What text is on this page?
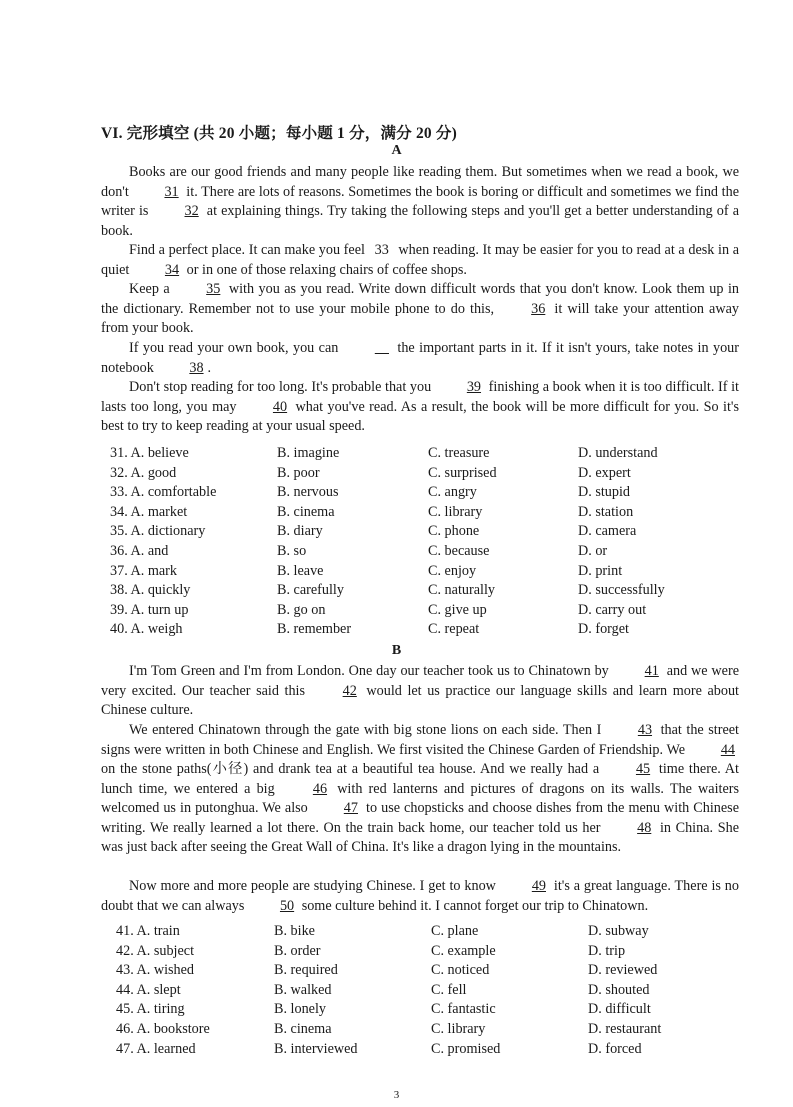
VI. 完形填空 (共 20 小题；每小题 1 分，满分 20 分)
A
Books are our good friends and many people like reading them. But sometimes when we read a book, we don't 31 it. There are lots of reasons. Sometimes the book is boring or difficult and sometimes we find the writer is 32 at explaining things. Try taking the following steps and you'll get a better understanding of a book.
Find a perfect place. It can make you feel 33 when reading. It may be easier for you to read at a desk in a quiet 34 or in one of those relaxing chairs of coffee shops.
Keep a 35 with you as you read. Write down difficult words that you don't know. Look them up in the dictionary. Remember not to use your mobile phone to do this, 36 it will take your attention away from your book.
If you read your own book, you can	the important parts in it. If it isn't yours, take notes in your notebook 38 .
Don't stop reading for too long. It's probable that you 39 finishing a book when it is too difficult. If it lasts too long, you may 40 what you've read. As a result, the book will be more difficult for you. So it's best to try to keep reading at your usual speed.
31. A. believe	B. imagine	C. treasure	D. understand
32. A. good	B. poor	C. surprised	D. expert
33. A. comfortable	B. nervous	C. angry	D. stupid
34. A. market	B. cinema	C. library	D. station
35. A. dictionary	B. diary	C. phone	D. camera
36. A. and	B. so	C. because	D. or
37. A. mark	B. leave	C. enjoy	D. print
38. A. quickly	B. carefully	C. naturally	D. successfully
39. A. turn up	B. go on	C. give up	D. carry out
40. A. weigh	B. remember	C. repeat	D. forget
B
I'm Tom Green and I'm from London. One day our teacher took us to Chinatown by 41 and we were very excited. Our teacher said this 42 would let us practice our language skills and learn more about Chinese culture.
We entered Chinatown through the gate with big stone lions on each side. Then I 43 that the street signs were written in both Chinese and English. We first visited the Chinese Garden of Friendship. We 44 on the stone paths(小径) and drank tea at a beautiful tea house. And we really had a 45 time there. At lunch time, we entered a big 46 with red lanterns and pictures of dragons on its walls. The waiters welcomed us in putonghua. We also 47 to use chopsticks and choose dishes from the menu with Chinese writing. We really learned a lot there. On the train back home, our teacher told us her 48 in China. She was just back after seeing the Great Wall of China. It's like a dragon lying in the mountains.
Now more and more people are studying Chinese. I get to know 49 it's a great language. There is no doubt that we can always 50 some culture behind it. I cannot forget our trip to Chinatown.
41. A. train	B. bike	C. plane	D. subway
42. A. subject	B. order	C. example	D. trip
43. A. wished	B. required	C. noticed	D. reviewed
44. A. slept	B. walked	C. fell	D. shouted
45. A. tiring	B. lonely	C. fantastic	D. difficult
46. A. bookstore	B. cinema	C. library	D. restaurant
47. A. learned	B. interviewed	C. promised	D. forced
3
